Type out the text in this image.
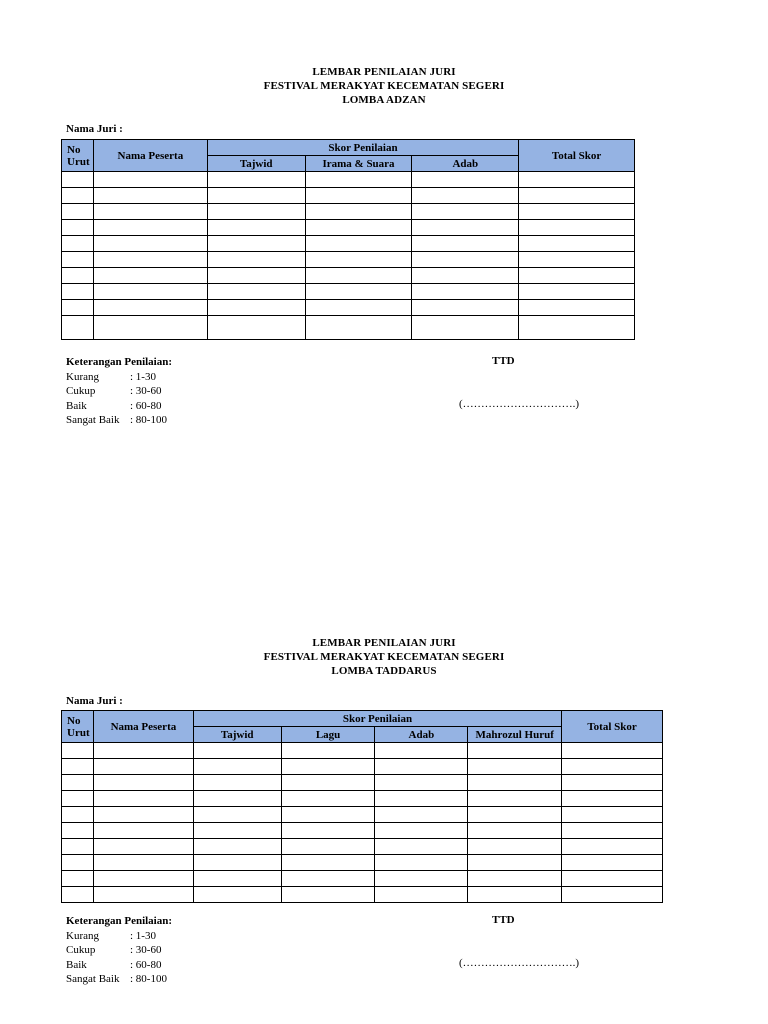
LEMBAR PENILAIAN JURI
FESTIVAL MERAKYAT KECEMATAN SEGERI
LOMBA ADZAN
Nama Juri :
No Urut	Nama Peserta	Skor Penilaian			Total Skor
		Tajwid	Irama & Suara	Adab	

Keterangan Penilaian:
Kurang	: 1-30
Cukup	: 30-60
Baik	: 60-80
Sangat Baik : 80-100
TTD
(………………………….)
LEMBAR PENILAIAN JURI
FESTIVAL MERAKYAT KECEMATAN SEGERI
LOMBA TADDARUS
Nama Juri :
No Urut	Nama Peserta	Skor Penilaian				Total Skor
		Tajwid	Lagu	Adab	Mahrozul Huruf	

Keterangan Penilaian:
Kurang	: 1-30
Cukup	: 30-60
Baik	: 60-80
Sangat Baik : 80-100
TTD
(………………………….)
